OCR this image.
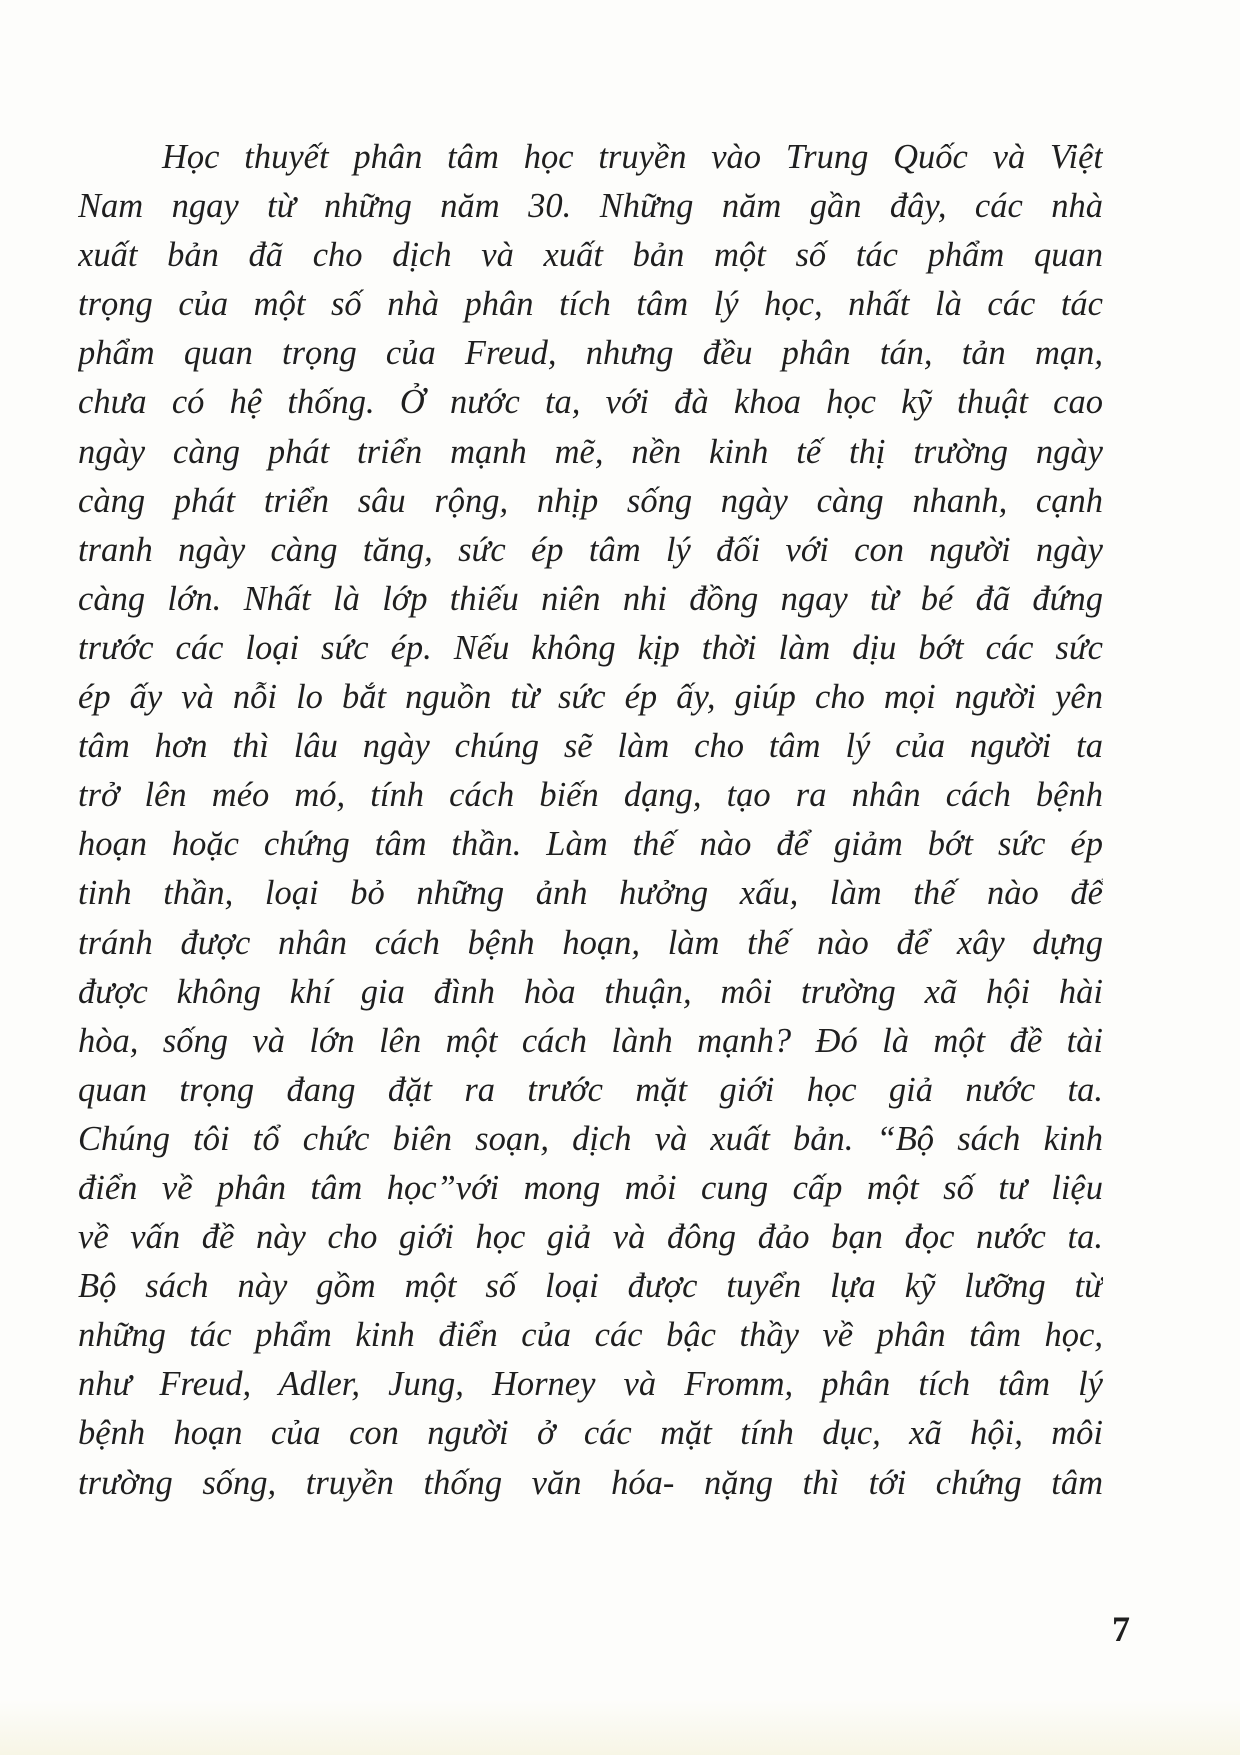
Học thuyết phân tâm học truyền vào Trung Quốc và Việt
Nam ngay từ những năm 30. Những năm gần đây, các nhà
xuất bản đã cho dịch và xuất bản một số tác phẩm quan
trọng của một số nhà phân tích tâm lý học, nhất là các tác
phẩm quan trọng của Freud, nhưng đều phân tán, tản mạn,
chưa có hệ thống. Ở nước ta, với đà khoa học kỹ thuật cao
ngày càng phát triển mạnh mẽ, nền kinh tế thị trường ngày
càng phát triển sâu rộng, nhịp sống ngày càng nhanh, cạnh
tranh ngày càng tăng, sức ép tâm lý đối với con người ngày
càng lớn. Nhất là lớp thiếu niên nhi đồng ngay từ bé đã đứng
trước các loại sức ép. Nếu không kịp thời làm dịu bớt các sức
ép ấy và nỗi lo bắt nguồn từ sức ép ấy, giúp cho mọi người yên
tâm hơn thì lâu ngày chúng sẽ làm cho tâm lý của người ta
trở lên méo mó, tính cách biến dạng, tạo ra nhân cách bệnh
hoạn hoặc chứng tâm thần. Làm thế nào để giảm bớt sức ép
tinh thần, loại bỏ những ảnh hưởng xấu, làm thế nào để
tránh được nhân cách bệnh hoạn, làm thế nào để xây dựng
được không khí gia đình hòa thuận, môi trường xã hội hài
hòa, sống và lớn lên một cách lành mạnh? Đó là một đề tài
quan trọng đang đặt ra trước mặt giới học giả nước ta.
Chúng tôi tổ chức biên soạn, dịch và xuất bản. “Bộ sách kinh
điển về phân tâm học”với mong mỏi cung cấp một số tư liệu
về vấn đề này cho giới học giả và đông đảo bạn đọc nước ta.
Bộ sách này gồm một số loại được tuyển lựa kỹ lưỡng từ
những tác phẩm kinh điển của các bậc thầy về phân tâm học,
như Freud, Adler, Jung, Horney và Fromm, phân tích tâm lý
bệnh hoạn của con người ở các mặt tính dục, xã hội, môi
trường sống, truyền thống văn hóa- nặng thì tới chứng tâm
7
